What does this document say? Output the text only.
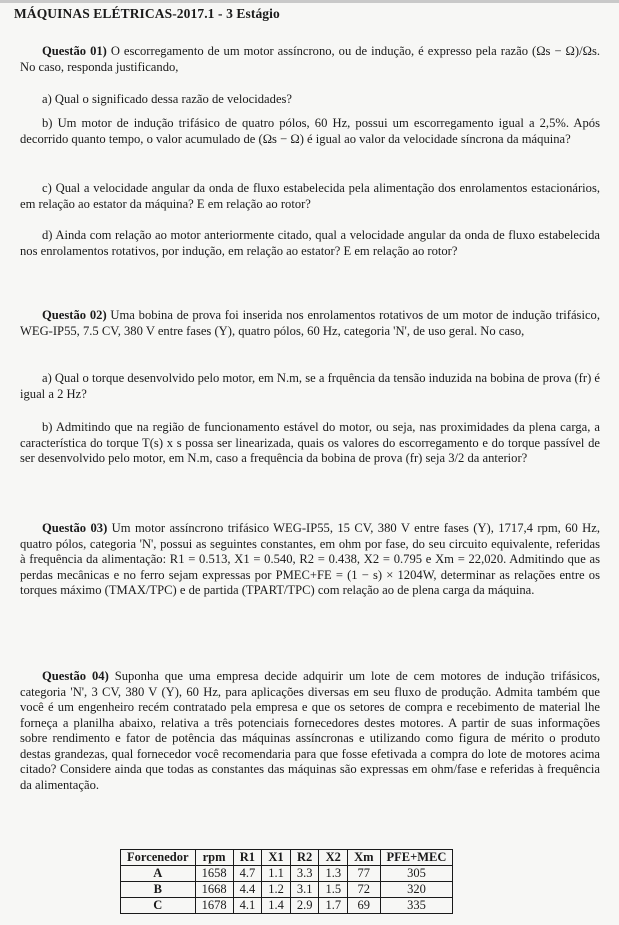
MÁQUINAS ELÉTRICAS-2017.1 - 3 Estágio

Questão 01) O escorregamento de um motor assíncrono, ou de indução, é expresso pela razão (Ωs − Ω)/Ωs. No caso, responda justificando,

a) Qual o significado dessa razão de velocidades?

b) Um motor de indução trifásico de quatro pólos, 60 Hz, possui um escorregamento igual a 2,5%. Após decorrido quanto tempo, o valor acumulado de (Ωs − Ω) é igual ao valor da velocidade síncrona da máquina?

c) Qual a velocidade angular da onda de fluxo estabelecida pela alimentação dos enrolamentos estacionários, em relação ao estator da máquina? E em relação ao rotor?

d) Ainda com relação ao motor anteriormente citado, qual a velocidade angular da onda de fluxo estabelecida nos enrolamentos rotativos, por indução, em relação ao estator? E em relação ao rotor?

Questão 02) Uma bobina de prova foi inserida nos enrolamentos rotativos de um motor de indução trifásico, WEG-IP55, 7.5 CV, 380 V entre fases (Y), quatro pólos, 60 Hz, categoria 'N', de uso geral. No caso,

a) Qual o torque desenvolvido pelo motor, em N.m, se a frquência da tensão induzida na bobina de prova (fr) é igual a 2 Hz?

b) Admitindo que na região de funcionamento estável do motor, ou seja, nas proximidades da plena carga, a característica do torque T(s) x s possa ser linearizada, quais os valores do escorregamento e do torque passível de ser desenvolvido pelo motor, em N.m, caso a frequência da bobina de prova (fr) seja 3/2 da anterior?

Questão 03) Um motor assíncrono trifásico WEG-IP55, 15 CV, 380 V entre fases (Y), 1717,4 rpm, 60 Hz, quatro pólos, categoria 'N', possui as seguintes constantes, em ohm por fase, do seu circuito equivalente, referidas à frequência da alimentação: R1 = 0.513, X1 = 0.540, R2 = 0.438, X2 = 0.795 e Xm = 22,020. Admitindo que as perdas mecânicas e no ferro sejam expressas por PMEC+FE = (1 − s) × 1204W, determinar as relações entre os torques máximo (TMAX/TPC) e de partida (TPART/TPC) com relação ao de plena carga da máquina.

Questão 04) Suponha que uma empresa decide adquirir um lote de cem motores de indução trifásicos, categoria 'N', 3 CV, 380 V (Y), 60 Hz, para aplicações diversas em seu fluxo de produção. Admita também que você é um engenheiro recém contratado pela empresa e que os setores de compra e recebimento de material lhe forneça a planilha abaixo, relativa a três potenciais fornecedores destes motores. A partir de suas informações sobre rendimento e fator de potência das máquinas assíncronas e utilizando como figura de mérito o produto destas grandezas, qual fornecedor você recomendaria para que fosse efetivada a compra do lote de motores acima citado? Considere ainda que todas as constantes das máquinas são expressas em ohm/fase e referidas à frequência da alimentação.

Forcenedor	rpm	R1	X1	R2	X2	Xm	PFE+MEC
A	1658	4.7	1.1	3.3	1.3	77	305
B	1668	4.4	1.2	3.1	1.5	72	320
C	1678	4.1	1.4	2.9	1.7	69	335
